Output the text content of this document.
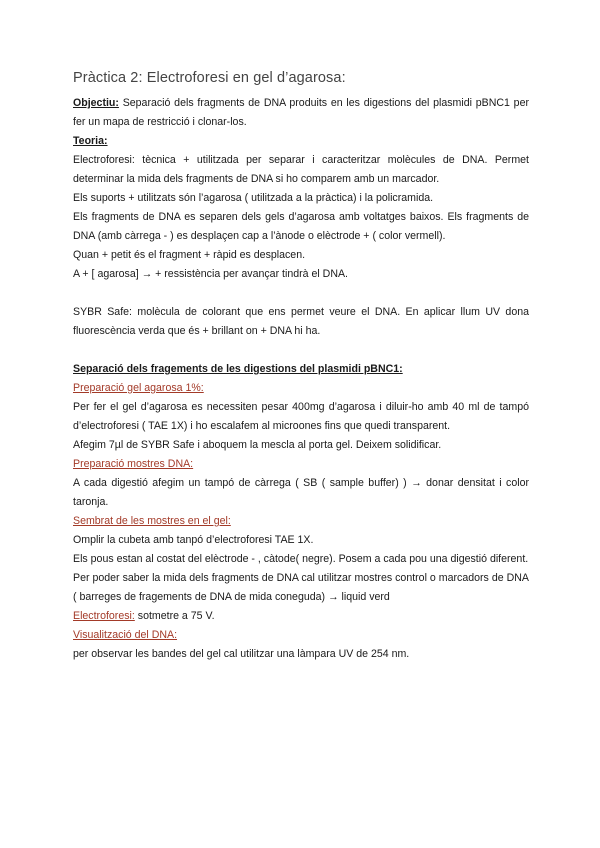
Pràctica 2: Electroforesi en gel d’agarosa:

Objectiu: Separació dels fragments de DNA produits en les digestions del plasmidi pBNC1 per fer un mapa de restricció i clonar-los.

Teoria:

Electroforesi: tècnica + utilitzada per separar i caracteritzar molècules de DNA. Permet determinar la mida dels fragments de DNA si ho comparem amb un marcador.

Els suports + utilitzats són l’agarosa ( utilitzada a la pràctica) i la policramida.

Els fragments de DNA es separen dels gels d’agarosa amb voltatges baixos. Els fragments de DNA (amb càrrega - ) es desplaçen cap a l’ànode o elèctrode + ( color vermell).

Quan + petit és el fragment + ràpid es desplacen.

A + [ agarosa] → + ressistència per avançar tindrà el DNA.

SYBR Safe: molècula de colorant que ens permet veure el DNA. En aplicar llum UV dona fluorescència verda que és + brillant on + DNA hi ha.

Separació dels fragements de les digestions del plasmidi pBNC1:

Preparació gel agarosa 1%:

Per fer el gel d’agarosa es necessiten pesar 400mg d’agarosa i diluir-ho amb 40 ml de tampó d’electroforesi ( TAE 1X) i ho escalafem al microones fins que quedi transparent.

Afegim 7µl de SYBR Safe i aboquem la mescla al porta gel. Deixem solidificar.

Preparació mostres DNA:

A cada digestió afegim un tampó de càrrega ( SB ( sample buffer) ) → donar densitat i color taronja.

Sembrat de les mostres en el gel:

Omplir la cubeta amb tanpó d’electroforesi TAE 1X.

Els pous estan al costat del elèctrode - , càtode( negre). Posem a cada pou una digestió diferent.

Per poder saber la mida dels fragments de DNA cal utilitzar mostres control o marcadors de DNA ( barreges de fragements de DNA de mida coneguda) → liquid verd

Electroforesi: sotmetre a 75 V.

Visualització del DNA:

per observar les bandes del gel cal utilitzar una làmpara UV de 254 nm.
